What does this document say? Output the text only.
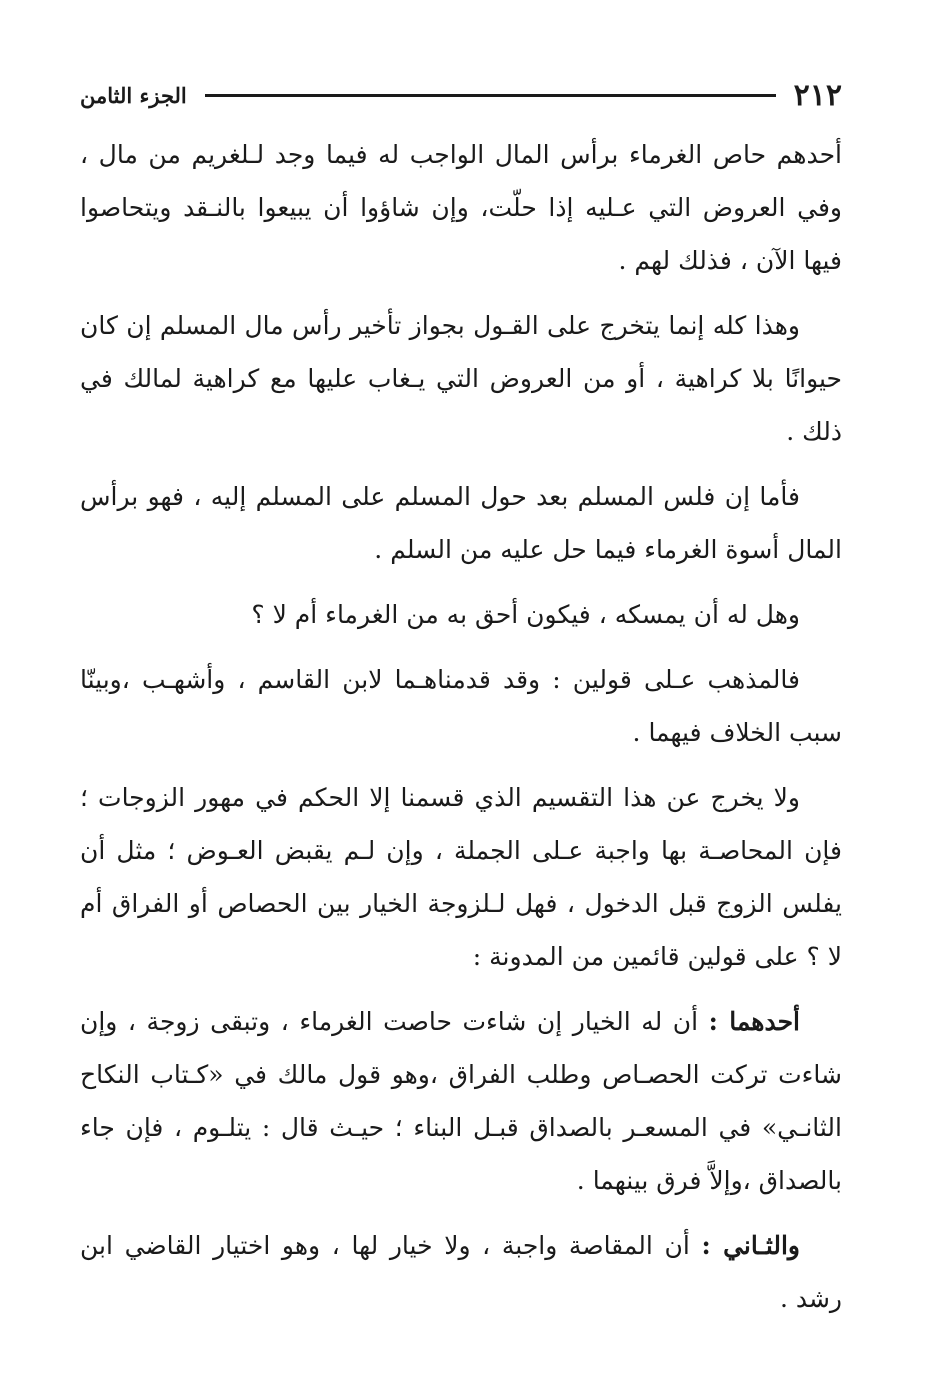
٢١٢
الجزء الثامن

أحدهم حاص الغرماء برأس المال الواجب له فيما وجد لـلغريم من مال ، وفي العروض التي عـليه إذا حلّت، وإن شاؤوا أن يبيعوا بالنـقد ويتحاصوا فيها الآن ، فذلك لهم .

وهذا كله إنما يتخرج على القـول بجواز تأخير رأس مال المسلم إن كان حيوانًا بلا كراهية ، أو من العروض التي يـغاب عليها مع كراهية لمالك في ذلك .

فأما إن فلس المسلم بعد حول المسلم على المسلم إليه ، فهو برأس المال أسوة الغرماء فيما حل عليه من السلم .

وهل له أن يمسكه ، فيكون أحق به من الغرماء أم لا ؟

فالمذهب عـلى قولين : وقد قدمناهـما لابن القاسم ، وأشهـب ،وبينّا سبب الخلاف فيهما .

ولا يخرج عن هذا التقسيم الذي قسمنا إلا الحكم في مهور الزوجات ؛ فإن المحاصـة بها واجبة عـلى الجملة ، وإن لـم يقبض العـوض ؛ مثل أن يفلس الزوج قبل الدخول ، فهل لـلزوجة الخيار بين الحصاص أو الفراق أم لا ؟ على قولين قائمين من المدونة :

أحدهما : أن له الخيار إن شاءت حاصت الغرماء ، وتبقى زوجة ، وإن شاءت تركت الحصـاص وطلب الفراق ،وهو قول مالك في «كـتاب النكاح الثانـي» في المسعـر بالصداق قبـل البناء ؛ حيـث قال : يتلـوم ، فإن جاء بالصداق ،وإلاَّ فرق بينهما .

والثـاني : أن المقاصة واجبة ، ولا خيار لها ، وهو اختيار القاضي ابن رشد .
